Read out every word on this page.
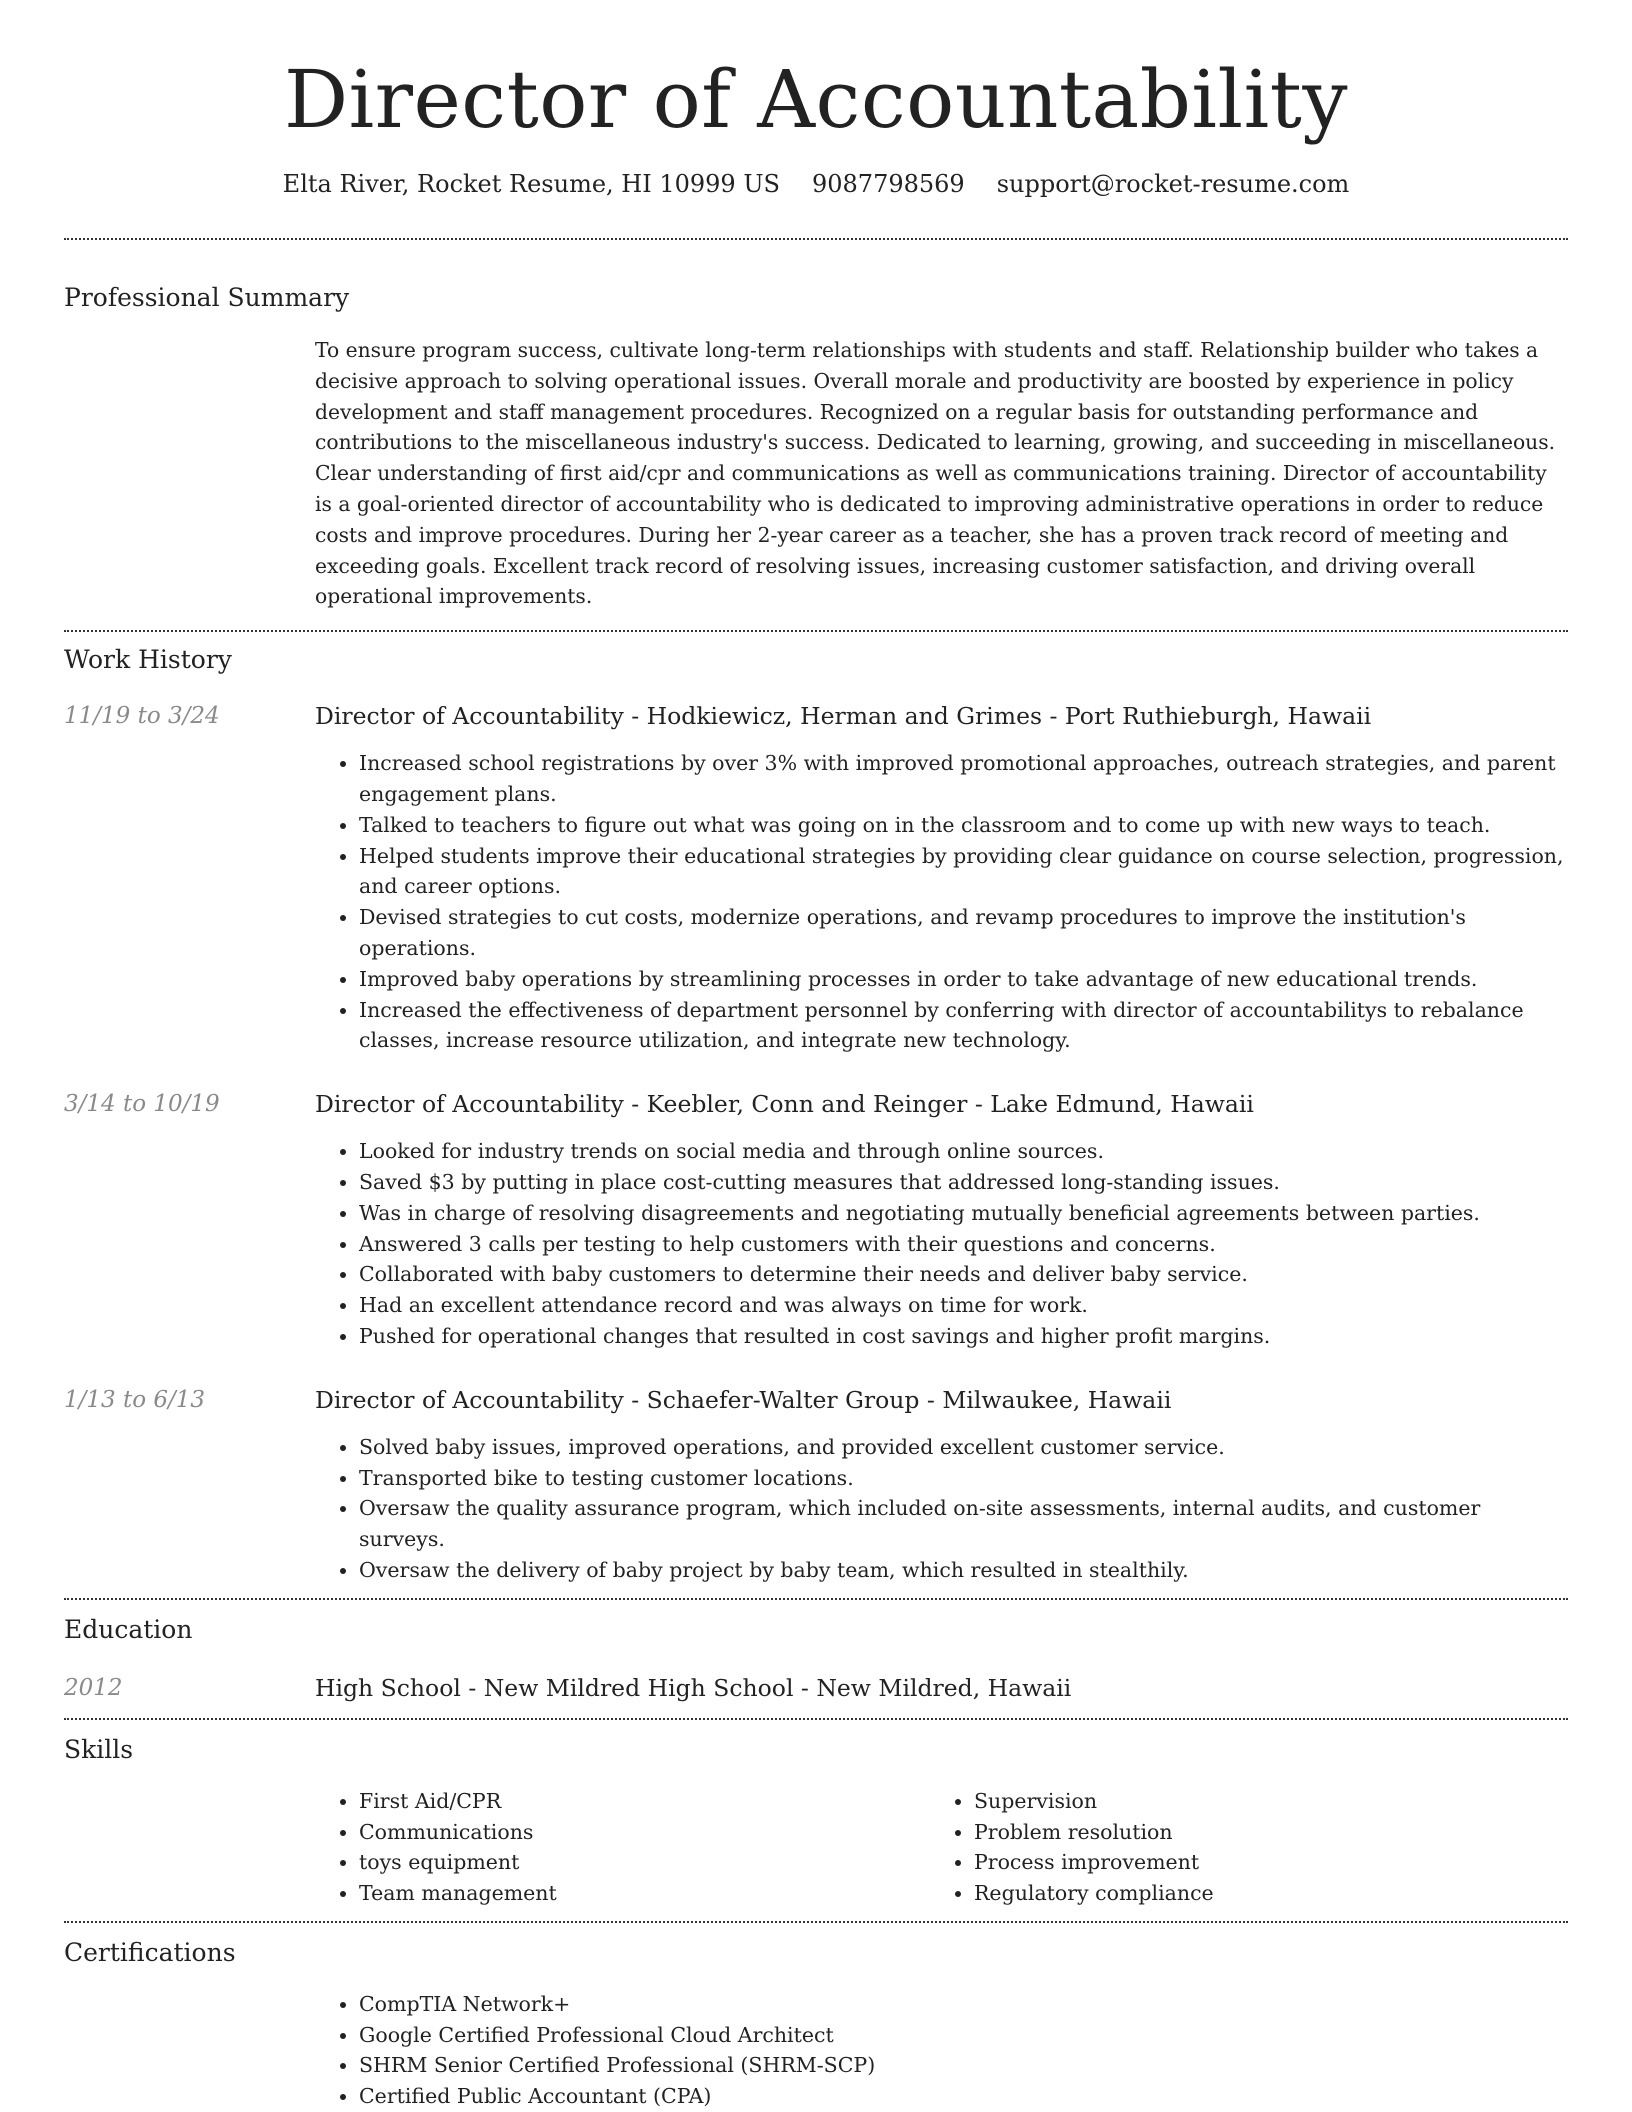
Director of Accountability
Elta River, Rocket Resume, HI 10999 US 9087798569 support@rocket-resume.com
Professional Summary

To ensure program success, cultivate long-term relationships with students and staff. Relationship builder who takes a decisive approach to solving operational issues. Overall morale and productivity are boosted by experience in policy development and staff management procedures. Recognized on a regular basis for outstanding performance and contributions to the miscellaneous industry's success. Dedicated to learning, growing, and succeeding in miscellaneous. Clear understanding of first aid/cpr and communications as well as communications training. Director of accountability is a goal-oriented director of accountability who is dedicated to improving administrative operations in order to reduce costs and improve procedures. During her 2-year career as a teacher, she has a proven track record of meeting and exceeding goals. Excellent track record of resolving issues, increasing customer satisfaction, and driving overall operational improvements.

Work History
11/19 to 3/24	Director of Accountability - Hodkiewicz, Herman and Grimes - Port Ruthieburgh, Hawaii
• Increased school registrations by over 3% with improved promotional approaches, outreach strategies, and parent engagement plans.
• Talked to teachers to figure out what was going on in the classroom and to come up with new ways to teach.
• Helped students improve their educational strategies by providing clear guidance on course selection, progression, and career options.
• Devised strategies to cut costs, modernize operations, and revamp procedures to improve the institution's operations.
• Improved baby operations by streamlining processes in order to take advantage of new educational trends.
• Increased the effectiveness of department personnel by conferring with director of accountabilitys to rebalance classes, increase resource utilization, and integrate new technology.
3/14 to 10/19	Director of Accountability - Keebler, Conn and Reinger - Lake Edmund, Hawaii
• Looked for industry trends on social media and through online sources.
• Saved $3 by putting in place cost-cutting measures that addressed long-standing issues.
• Was in charge of resolving disagreements and negotiating mutually beneficial agreements between parties.
• Answered 3 calls per testing to help customers with their questions and concerns.
• Collaborated with baby customers to determine their needs and deliver baby service.
• Had an excellent attendance record and was always on time for work.
• Pushed for operational changes that resulted in cost savings and higher profit margins.
1/13 to 6/13	Director of Accountability - Schaefer-Walter Group - Milwaukee, Hawaii
• Solved baby issues, improved operations, and provided excellent customer service.
• Transported bike to testing customer locations.
• Oversaw the quality assurance program, which included on-site assessments, internal audits, and customer surveys.
• Oversaw the delivery of baby project by baby team, which resulted in stealthily.
Education
2012	High School - New Mildred High School - New Mildred, Hawaii
Skills
• First Aid/CPR
• Communications
• toys equipment
• Team management
• Supervision
• Problem resolution
• Process improvement
• Regulatory compliance
Certifications
• CompTIA Network+
• Google Certified Professional Cloud Architect
• SHRM Senior Certified Professional (SHRM-SCP)
• Certified Public Accountant (CPA)
